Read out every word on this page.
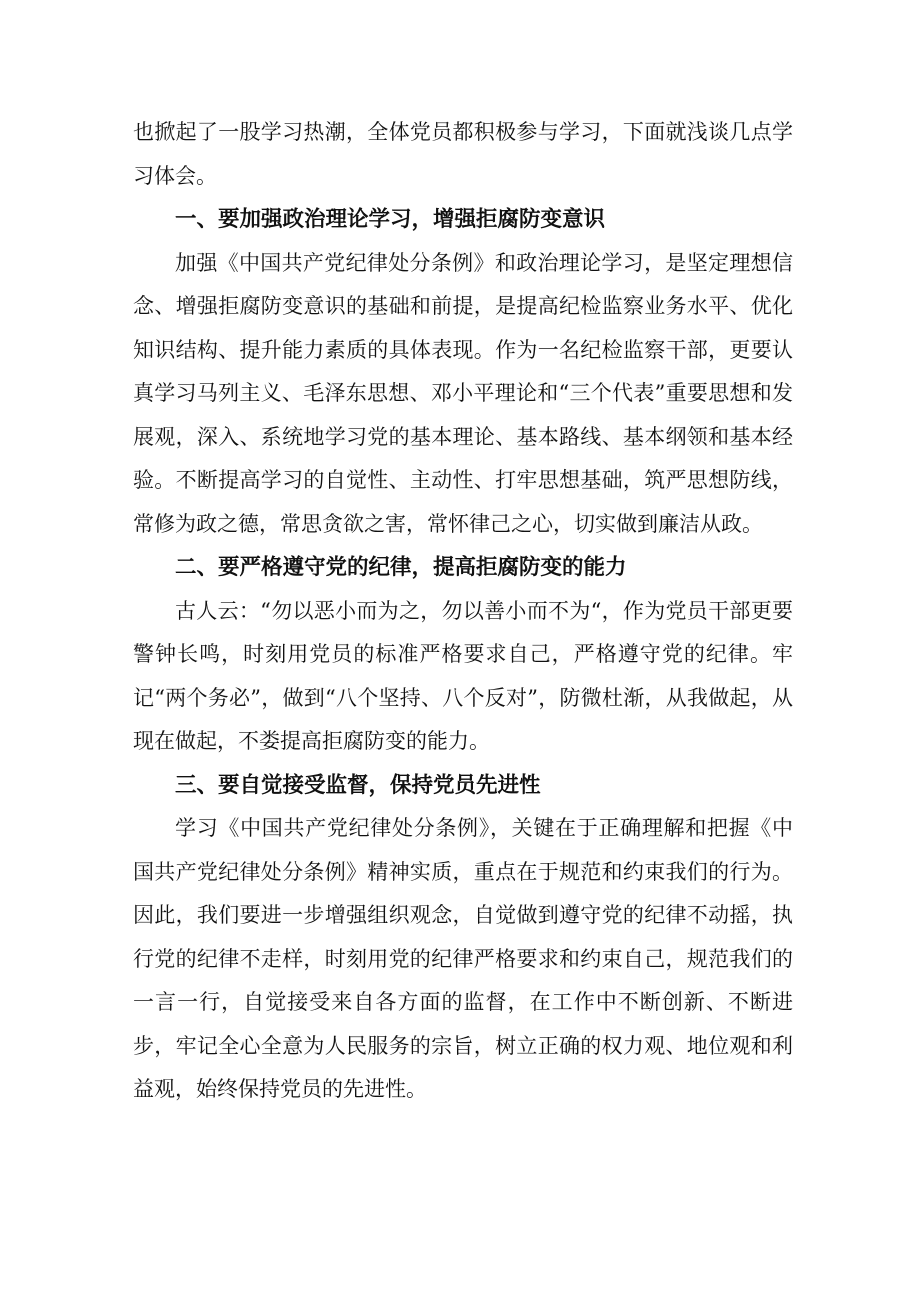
也掀起了一股学习热潮，全体党员都积极参与学习，下面就浅谈几点学习体会。

一、要加强政治理论学习，增强拒腐防变意识

加强《中国共产党纪律处分条例》和政治理论学习，是坚定理想信念、增强拒腐防变意识的基础和前提，是提高纪检监察业务水平、优化知识结构、提升能力素质的具体表现。作为一名纪检监察干部，更要认真学习马列主义、毛泽东思想、邓小平理论和“三个代表”重要思想和发展观，深入、系统地学习党的基本理论、基本路线、基本纲领和基本经验。不断提高学习的自觉性、主动性、打牢思想基础，筑严思想防线，常修为政之德，常思贪欲之害，常怀律己之心，切实做到廉洁从政。

二、要严格遵守党的纪律，提高拒腐防变的能力

古人云：“勿以恶小而为之，勿以善小而不为“，作为党员干部更要警钟长鸣，时刻用党员的标准严格要求自己，严格遵守党的纪律。牢记“两个务必”，做到“八个坚持、八个反对”，防微杜渐，从我做起，从现在做起，不娄提高拒腐防变的能力。

三、要自觉接受监督，保持党员先进性

学习《中国共产党纪律处分条例》，关键在于正确理解和把握《中国共产党纪律处分条例》精神实质，重点在于规范和约束我们的行为。因此，我们要进一步增强组织观念，自觉做到遵守党的纪律不动摇，执行党的纪律不走样，时刻用党的纪律严格要求和约束自己，规范我们的一言一行，自觉接受来自各方面的监督，在工作中不断创新、不断进步，牢记全心全意为人民服务的宗旨，树立正确的权力观、地位观和利益观，始终保持党员的先进性。
